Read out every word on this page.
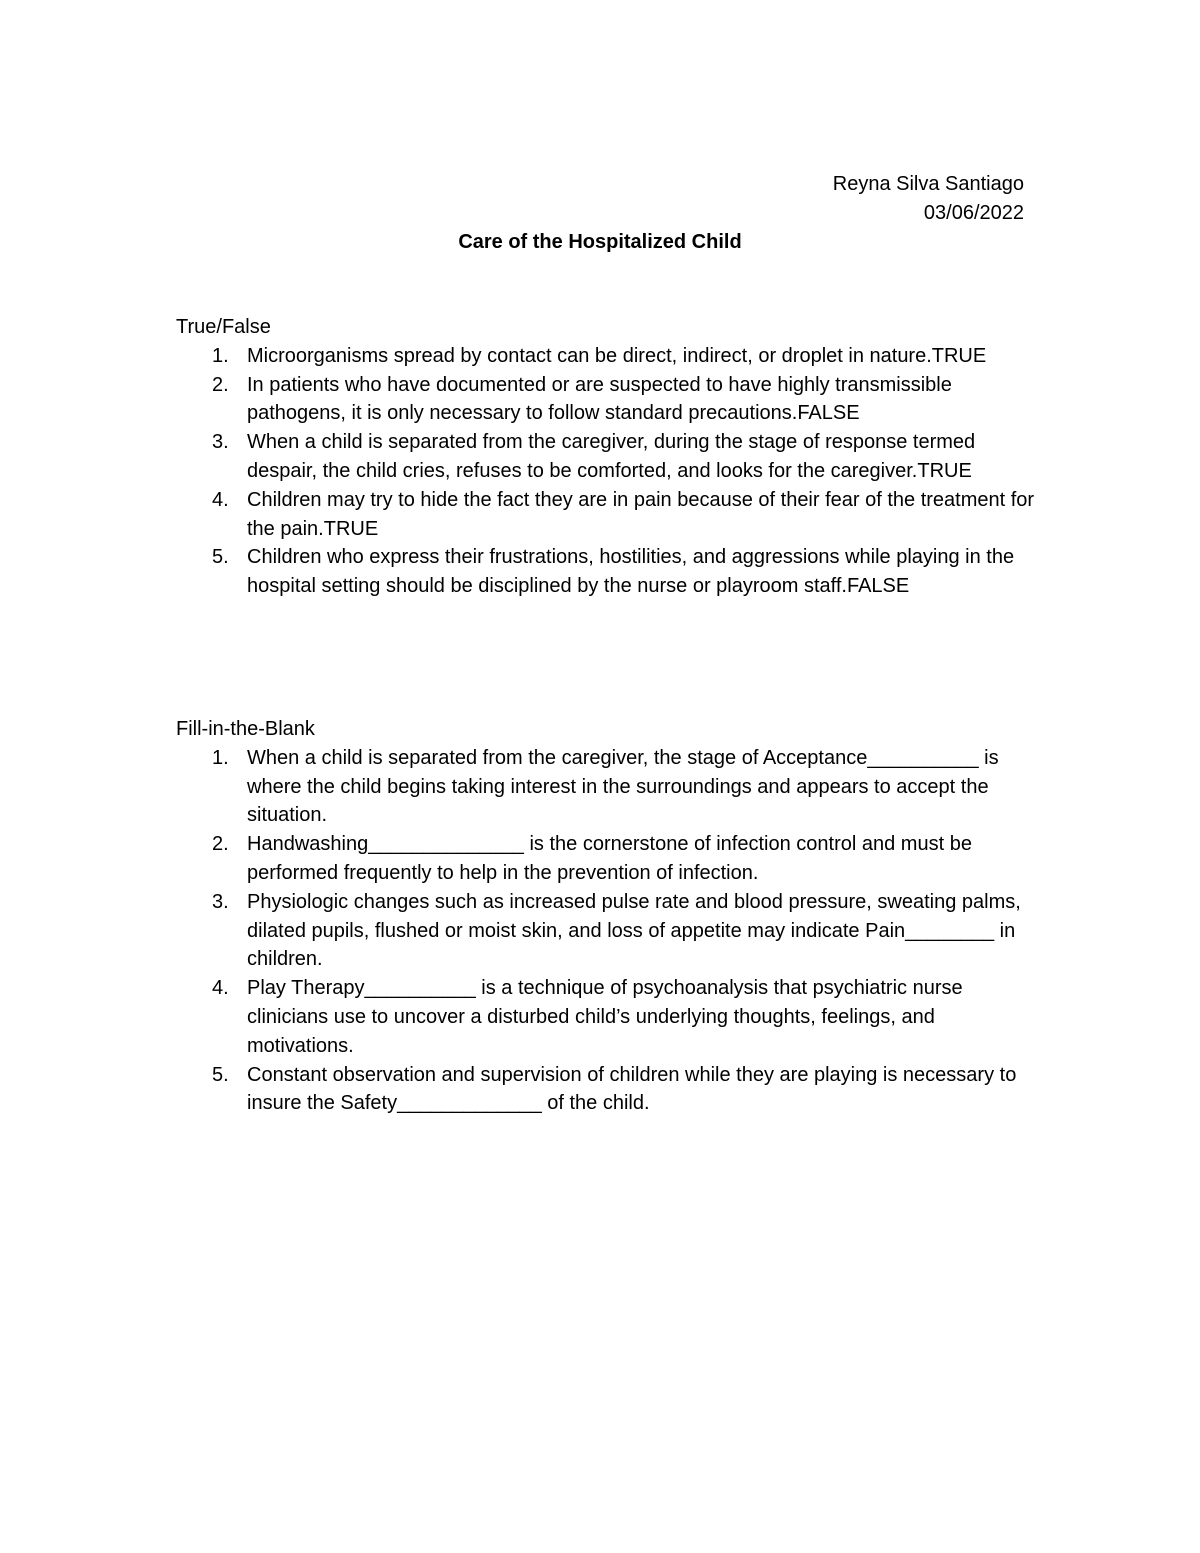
Reyna Silva Santiago
03/06/2022
Care of the Hospitalized Child

True/False

1. Microorganisms spread by contact can be direct, indirect, or droplet in nature.TRUE
2. In patients who have documented or are suspected to have highly transmissible pathogens, it is only necessary to follow standard precautions.FALSE
3. When a child is separated from the caregiver, during the stage of response termed despair, the child cries, refuses to be comforted, and looks for the caregiver.TRUE
4. Children may try to hide the fact they are in pain because of their fear of the treatment for the pain.TRUE
5. Children who express their frustrations, hostilities, and aggressions while playing in the hospital setting should be disciplined by the nurse or playroom staff.FALSE

Fill-in-the-Blank

1. When a child is separated from the caregiver, the stage of Acceptance__________ is where the child begins taking interest in the surroundings and appears to accept the situation.
2. Handwashing______________ is the cornerstone of infection control and must be performed frequently to help in the prevention of infection.
3. Physiologic changes such as increased pulse rate and blood pressure, sweating palms, dilated pupils, flushed or moist skin, and loss of appetite may indicate Pain________ in children.
4. Play Therapy__________ is a technique of psychoanalysis that psychiatric nurse clinicians use to uncover a disturbed child’s underlying thoughts, feelings, and motivations.
5. Constant observation and supervision of children while they are playing is necessary to insure the Safety_____________ of the child.
